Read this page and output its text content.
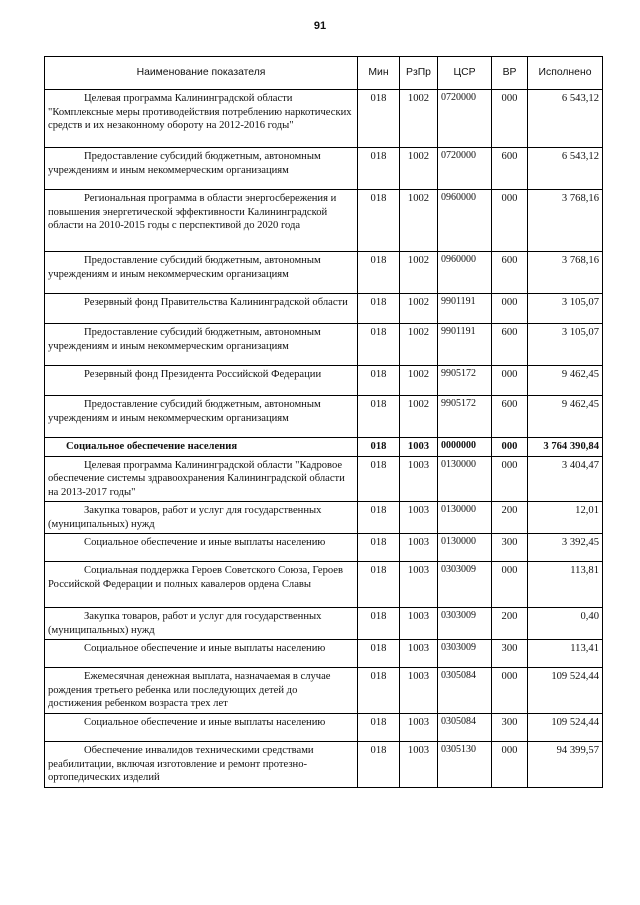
91
Наименование показателя	Мин	РзПр	ЦСР	ВР	Исполнено
Целевая программа Калининградской области "Комплексные меры противодействия потреблению наркотических средств и их незаконному обороту на 2012-2016 годы"	018	1002	0720000	000	6 543,12
Предоставление субсидий бюджетным, автономным учреждениям и иным некоммерческим организациям	018	1002	0720000	600	6 543,12
Региональная программа в области энергосбережения и повышения энергетической эффективности Калининградской области на 2010-2015 годы с перспективой до 2020 года	018	1002	0960000	000	3 768,16
Предоставление субсидий бюджетным, автономным учреждениям и иным некоммерческим организациям	018	1002	0960000	600	3 768,16
Резервный фонд Правительства Калининградской области	018	1002	9901191	000	3 105,07
Предоставление субсидий бюджетным, автономным учреждениям и иным некоммерческим организациям	018	1002	9901191	600	3 105,07
Резервный фонд Президента Российской Федерации	018	1002	9905172	000	9 462,45
Предоставление субсидий бюджетным, автономным учреждениям и иным некоммерческим организациям	018	1002	9905172	600	9 462,45
Социальное обеспечение населения	018	1003	0000000	000	3 764 390,84
Целевая программа Калининградской области "Кадровое обеспечение системы здравоохранения Калининградской области на 2013-2017 годы"	018	1003	0130000	000	3 404,47
Закупка товаров, работ и услуг для государственных (муниципальных) нужд	018	1003	0130000	200	12,01
Социальное обеспечение и иные выплаты населению	018	1003	0130000	300	3 392,45
Социальная поддержка Героев Советского Союза, Героев Российской Федерации и полных кавалеров ордена Славы	018	1003	0303009	000	113,81
Закупка товаров, работ и услуг для государственных (муниципальных) нужд	018	1003	0303009	200	0,40
Социальное обеспечение и иные выплаты населению	018	1003	0303009	300	113,41
Ежемесячная денежная выплата, назначаемая в случае рождения третьего ребенка или последующих детей до достижения ребенком возраста трех лет	018	1003	0305084	000	109 524,44
Социальное обеспечение и иные выплаты населению	018	1003	0305084	300	109 524,44
Обеспечение инвалидов техническими средствами реабилитации, включая изготовление и ремонт протезно-ортопедических изделий	018	1003	0305130	000	94 399,57
